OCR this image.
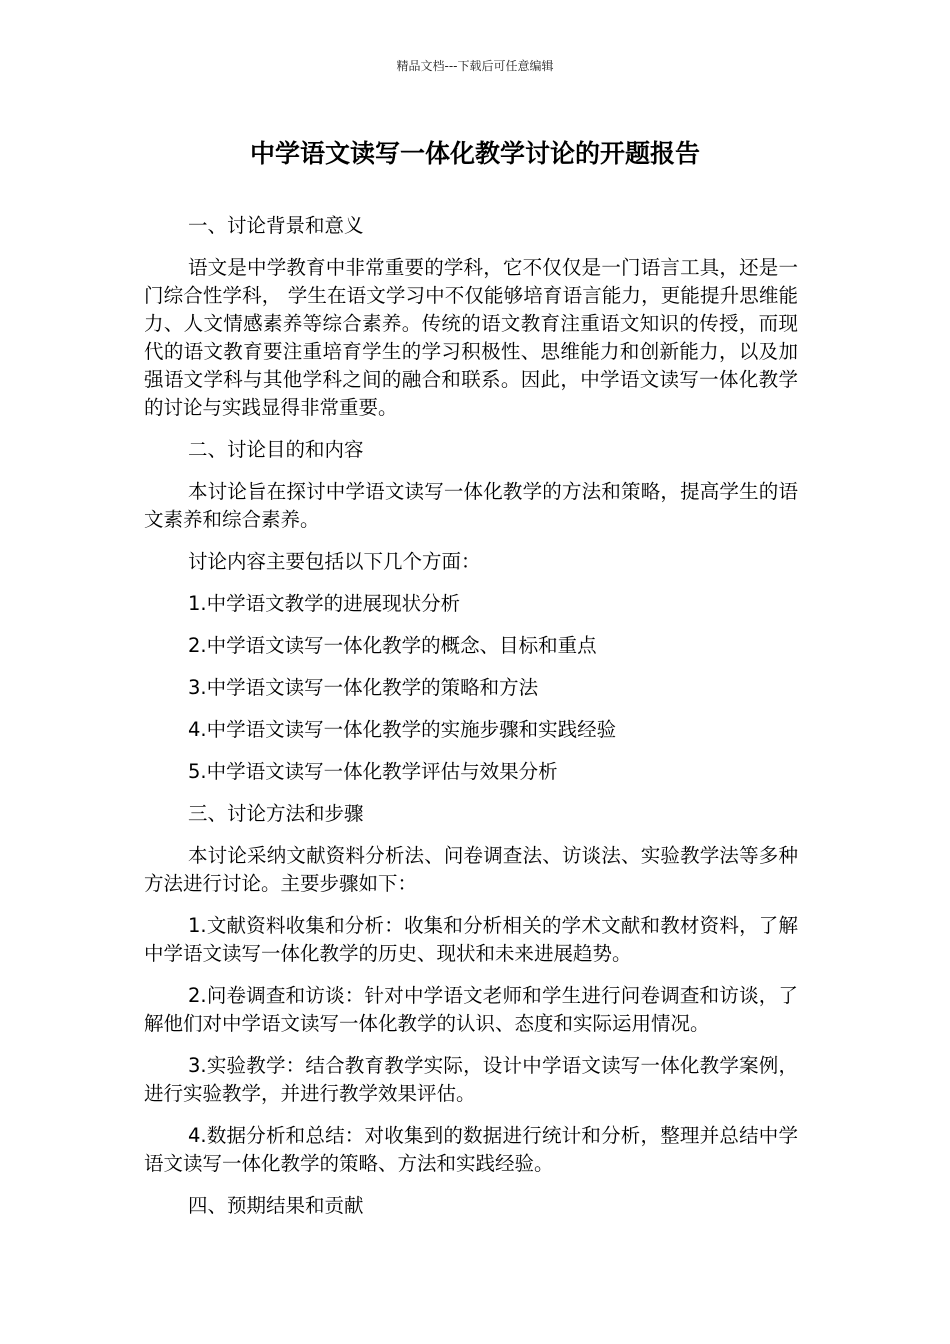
精品文档---下载后可任意编辑
中学语文读写一体化教学讨论的开题报告
一、讨论背景和意义

语文是中学教育中非常重要的学科，它不仅仅是一门语言工具，还是一门综合性学科， 学生在语文学习中不仅能够培育语言能力，更能提升思维能力、人文情感素养等综合素养。传统的语文教育注重语文知识的传授，而现代的语文教育要注重培育学生的学习积极性、思维能力和创新能力，以及加强语文学科与其他学科之间的融合和联系。因此，中学语文读写一体化教学的讨论与实践显得非常重要。

二、讨论目的和内容

本讨论旨在探讨中学语文读写一体化教学的方法和策略，提高学生的语文素养和综合素养。

讨论内容主要包括以下几个方面：

1.中学语文教学的进展现状分析
2.中学语文读写一体化教学的概念、目标和重点
3.中学语文读写一体化教学的策略和方法
4.中学语文读写一体化教学的实施步骤和实践经验
5.中学语文读写一体化教学评估与效果分析
三、讨论方法和步骤

本讨论采纳文献资料分析法、问卷调查法、访谈法、实验教学法等多种方法进行讨论。主要步骤如下：

1.文献资料收集和分析：收集和分析相关的学术文献和教材资料，了解中学语文读写一体化教学的历史、现状和未来进展趋势。

2.问卷调查和访谈：针对中学语文老师和学生进行问卷调查和访谈，了解他们对中学语文读写一体化教学的认识、态度和实际运用情况。

3.实验教学：结合教育教学实际，设计中学语文读写一体化教学案例，进行实验教学，并进行教学效果评估。

4.数据分析和总结：对收集到的数据进行统计和分析，整理并总结中学语文读写一体化教学的策略、方法和实践经验。

四、预期结果和贡献
